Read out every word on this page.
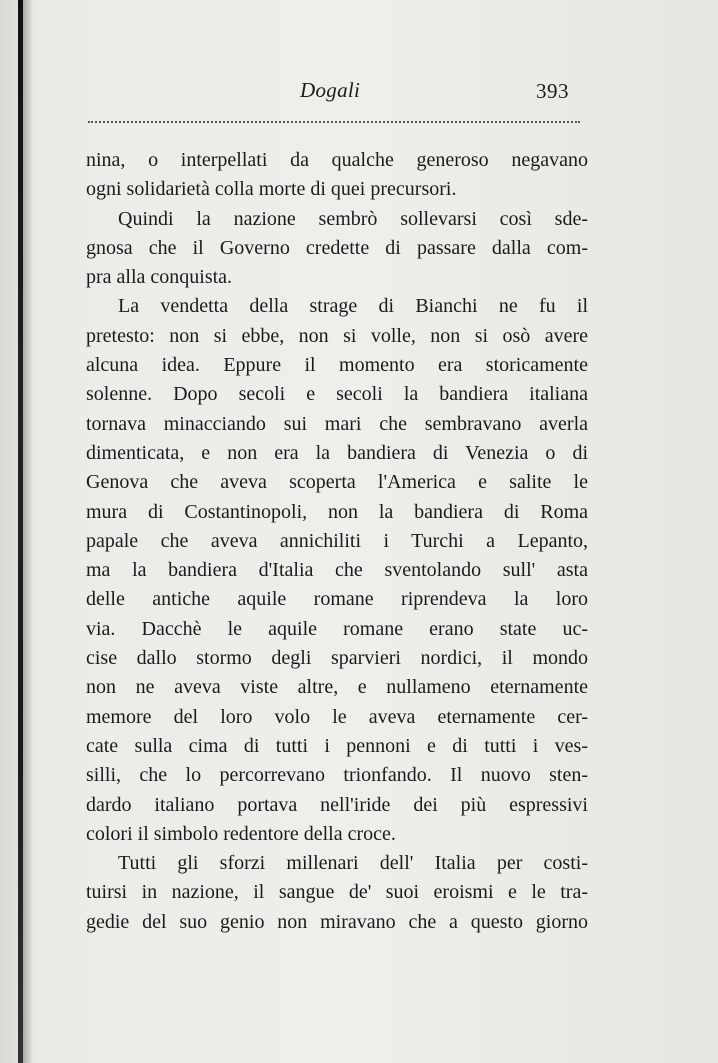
Dogali	393
nina, o interpellati da qualche generoso negavano
ogni solidarietà colla morte di quei precursori.
Quindi la nazione sembrò sollevarsi così sde-
gnosa che il Governo credette di passare dalla com-
pra alla conquista.
La vendetta della strage di Bianchi ne fu il
pretesto: non si ebbe, non si volle, non si osò avere
alcuna idea. Eppure il momento era storicamente
solenne. Dopo secoli e secoli la bandiera italiana
tornava minacciando sui mari che sembravano averla
dimenticata, e non era la bandiera di Venezia o di
Genova che aveva scoperta l'America e salite le
mura di Costantinopoli, non la bandiera di Roma
papale che aveva annichiliti i Turchi a Lepanto,
ma la bandiera d'Italia che sventolando sull' asta
delle antiche aquile romane riprendeva la loro
via. Dacchè le aquile romane erano state uc-
cise dallo stormo degli sparvieri nordici, il mondo
non ne aveva viste altre, e nullameno eternamente
memore del loro volo le aveva eternamente cer-
cate sulla cima di tutti i pennoni e di tutti i ves-
silli, che lo percorrevano trionfando. Il nuovo sten-
dardo italiano portava nell'iride dei più espressivi
colori il simbolo redentore della croce.
Tutti gli sforzi millenari dell' Italia per costi-
tuirsi in nazione, il sangue de' suoi eroismi e le tra-
gedie del suo genio non miravano che a questo giorno
